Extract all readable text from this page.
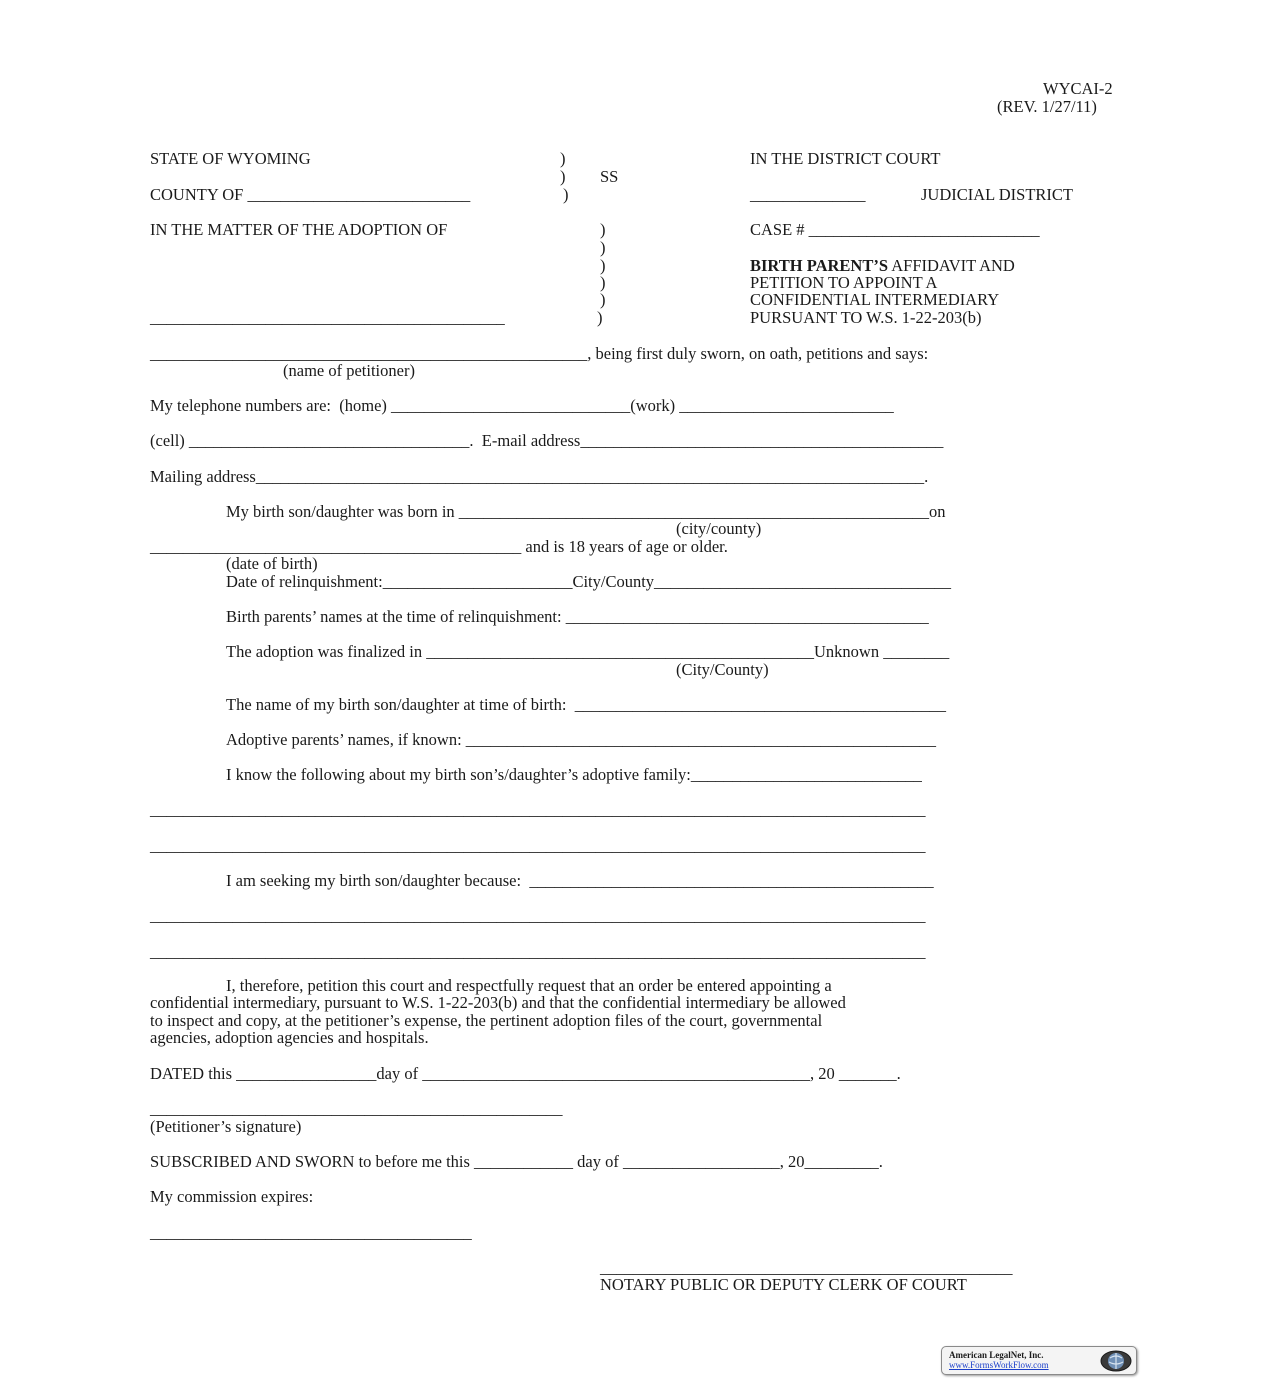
WYCAI-2
(REV. 1/27/11)
STATE OF WYOMING
COUNTY OF ___________________________
IN THE MATTER OF THE ADOPTION OF
___________________________________________
)
)
)
SS
)
)
)
)
)
)
IN THE DISTRICT COURT
______________	JUDICIAL DISTRICT
CASE # ____________________________
BIRTH PARENT’S AFFIDAVIT AND
PETITION TO APPOINT A
CONFIDENTIAL INTERMEDIARY
PURSUANT TO W.S. 1-22-203(b)
_____________________________________________________, being first duly sworn, on oath, petitions and says:
(name of petitioner)
My telephone numbers are:  (home) _____________________________(work) __________________________
(cell) __________________________________.  E-mail address____________________________________________
Mailing address_________________________________________________________________________________.
My birth son/daughter was born in _________________________________________________________on
(city/county)
_____________________________________________ and is 18 years of age or older.
(date of birth)
Date of relinquishment:_______________________City/County____________________________________
Birth parents’ names at the time of relinquishment: ____________________________________________
The adoption was finalized in _______________________________________________Unknown ________
(City/County)
The name of my birth son/daughter at time of birth:  _____________________________________________
Adoptive parents’ names, if known: _________________________________________________________
I know the following about my birth son’s/daughter’s adoptive family:____________________________
______________________________________________________________________________________________
______________________________________________________________________________________________
I am seeking my birth son/daughter because:  _________________________________________________
______________________________________________________________________________________________
______________________________________________________________________________________________
I, therefore, petition this court and respectfully request that an order be entered appointing a
confidential intermediary, pursuant to W.S. 1-22-203(b) and that the confidential intermediary be allowed
to inspect and copy, at the petitioner’s expense, the pertinent adoption files of the court, governmental
agencies, adoption agencies and hospitals.
DATED this _________________day of _______________________________________________, 20 _______.
__________________________________________________
(Petitioner’s signature)
SUBSCRIBED AND SWORN to before me this ____________ day of ___________________, 20_________.
My commission expires:
_______________________________________
__________________________________________________
NOTARY PUBLIC OR DEPUTY CLERK OF COURT
American LegalNet, Inc.
www.FormsWorkFlow.com
